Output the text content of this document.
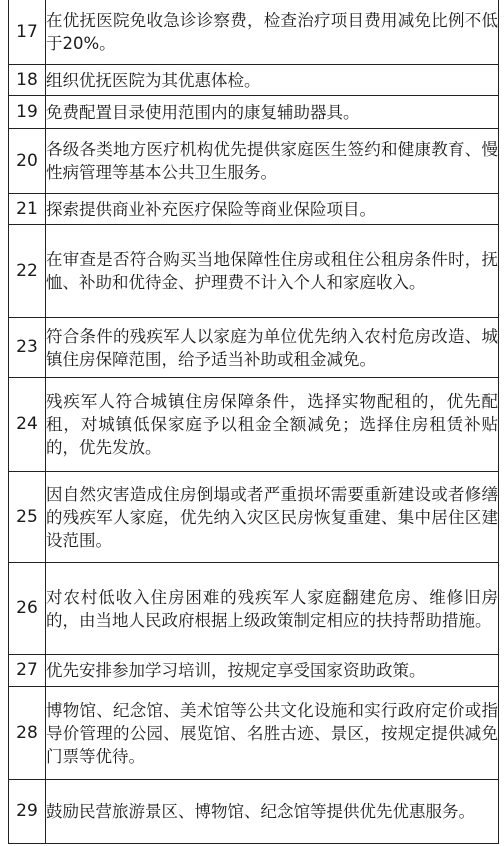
17	在优抚医院免收急诊诊察费，检查治疗项目费用减免比例不低于20%。
18	组织优抚医院为其优惠体检。
19	免费配置目录使用范围内的康复辅助器具。
20	各级各类地方医疗机构优先提供家庭医生签约和健康教育、慢性病管理等基本公共卫生服务。
21	探索提供商业补充医疗保险等商业保险项目。
22	在审查是否符合购买当地保障性住房或租住公租房条件时，抚恤、补助和优待金、护理费不计入个人和家庭收入。
23	符合条件的残疾军人以家庭为单位优先纳入农村危房改造、城镇住房保障范围，给予适当补助或租金减免。
24	残疾军人符合城镇住房保障条件，选择实物配租的，优先配租，对城镇低保家庭予以租金全额减免；选择住房租赁补贴的，优先发放。
25	因自然灾害造成住房倒塌或者严重损坏需要重新建设或者修缮的残疾军人家庭，优先纳入灾区民房恢复重建、集中居住区建设范围。
26	对农村低收入住房困难的残疾军人家庭翻建危房、维修旧房的，由当地人民政府根据上级政策制定相应的扶持帮助措施。
27	优先安排参加学习培训，按规定享受国家资助政策。
28	博物馆、纪念馆、美术馆等公共文化设施和实行政府定价或指导价管理的公园、展览馆、名胜古迹、景区，按规定提供减免门票等优待。
29	鼓励民营旅游景区、博物馆、纪念馆等提供优先优惠服务。
